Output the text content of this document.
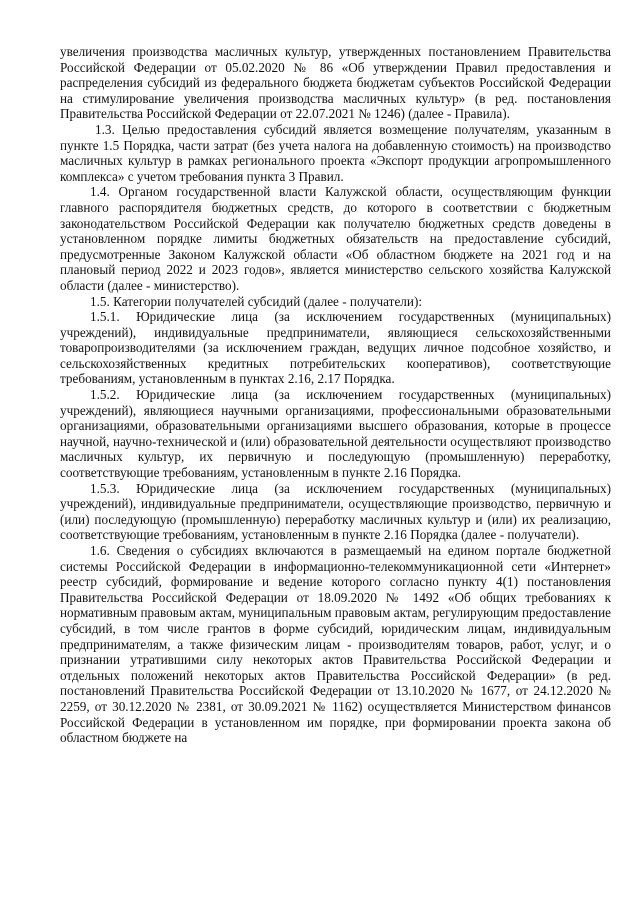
увеличения производства масличных культур, утвержденных постановлением Правительства Российской Федерации от 05.02.2020 № 86 «Об утверждении Правил предоставления и распределения субсидий из федерального бюджета бюджетам субъектов Российской Федерации на стимулирование увеличения производства масличных культур» (в ред. постановления Правительства Российской Федерации от 22.07.2021 № 1246) (далее - Правила).

1.3. Целью предоставления субсидий является возмещение получателям, указанным в пункте 1.5 Порядка, части затрат (без учета налога на добавленную стоимость) на производство масличных культур в рамках регионального проекта «Экспорт продукции агропромышленного комплекса» с учетом требования пункта 3 Правил.

1.4. Органом государственной власти Калужской области, осуществляющим функции главного распорядителя бюджетных средств, до которого в соответствии с бюджетным законодательством Российской Федерации как получателю бюджетных средств доведены в установленном порядке лимиты бюджетных обязательств на предоставление субсидий, предусмотренные Законом Калужской области «Об областном бюджете на 2021 год и на плановый период 2022 и 2023 годов», является министерство сельского хозяйства Калужской области (далее - министерство).

1.5. Категории получателей субсидий (далее - получатели):

1.5.1. Юридические лица (за исключением государственных (муниципальных) учреждений), индивидуальные предприниматели, являющиеся сельскохозяйственными товаропроизводителями (за исключением граждан, ведущих личное подсобное хозяйство, и сельскохозяйственных кредитных потребительских кооперативов), соответствующие требованиям, установленным в пунктах 2.16, 2.17 Порядка.

1.5.2. Юридические лица (за исключением государственных (муниципальных) учреждений), являющиеся научными организациями, профессиональными образовательными организациями, образовательными организациями высшего образования, которые в процессе научной, научно-технической и (или) образовательной деятельности осуществляют производство масличных культур, их первичную и последующую (промышленную) переработку, соответствующие требованиям, установленным в пункте 2.16 Порядка.

1.5.3. Юридические лица (за исключением государственных (муниципальных) учреждений), индивидуальные предприниматели, осуществляющие производство, первичную и (или) последующую (промышленную) переработку масличных культур и (или) их реализацию, соответствующие требованиям, установленным в пункте 2.16 Порядка (далее - получатели).

1.6. Сведения о субсидиях включаются в размещаемый на едином портале бюджетной системы Российской Федерации в информационно-телекоммуникационной сети «Интернет» реестр субсидий, формирование и ведение которого согласно пункту 4(1) постановления Правительства Российской Федерации от 18.09.2020 № 1492 «Об общих требованиях к нормативным правовым актам, муниципальным правовым актам, регулирующим предоставление субсидий, в том числе грантов в форме субсидий, юридическим лицам, индивидуальным предпринимателям, а также физическим лицам - производителям товаров, работ, услуг, и о признании утратившими силу некоторых актов Правительства Российской Федерации и отдельных положений некоторых актов Правительства Российской Федерации» (в ред. постановлений Правительства Российской Федерации от 13.10.2020 № 1677, от 24.12.2020 № 2259, от 30.12.2020 № 2381, от 30.09.2021 № 1162) осуществляется Министерством финансов Российской Федерации в установленном им порядке, при формировании проекта закона об областном бюджете на
